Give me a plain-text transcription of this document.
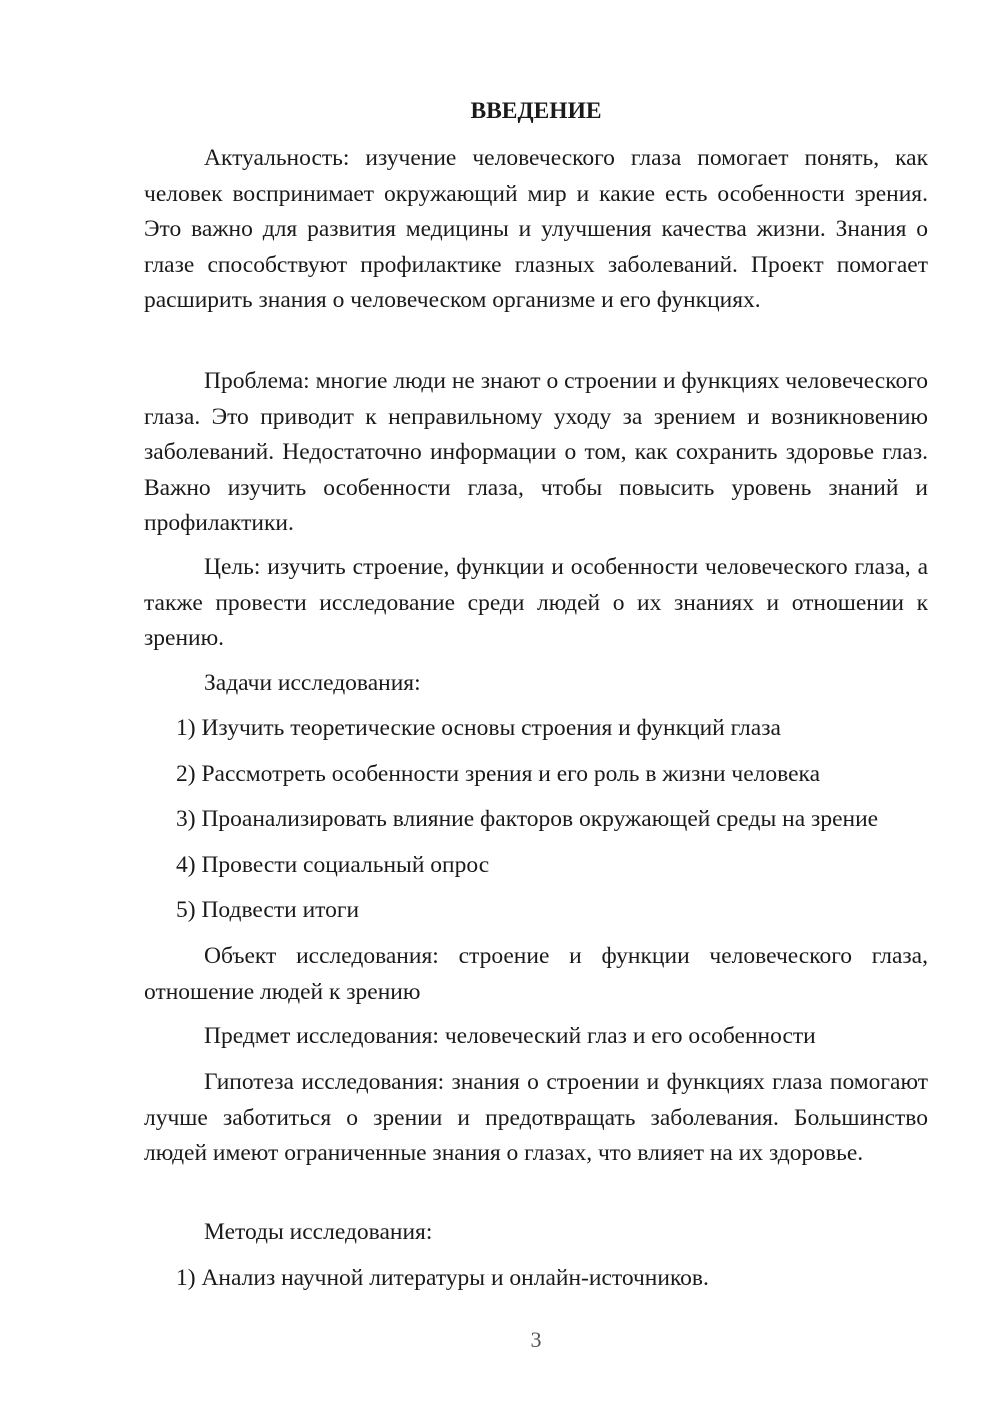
ВВЕДЕНИЕ

Актуальность: изучение человеческого глаза помогает понять, как человек воспринимает окружающий мир и какие есть особенности зрения. Это важно для развития медицины и улучшения качества жизни. Знания о глазе способствуют профилактике глазных заболеваний. Проект помогает расширить знания о человеческом организме и его функциях.

Проблема: многие люди не знают о строении и функциях человеческого глаза. Это приводит к неправильному уходу за зрением и возникновению заболеваний. Недостаточно информации о том, как сохранить здоровье глаз. Важно изучить особенности глаза, чтобы повысить уровень знаний и профилактики.

Цель: изучить строение, функции и особенности человеческого глаза, а также провести исследование среди людей о их знаниях и отношении к зрению.

Задачи исследования:

1) Изучить теоретические основы строения и функций глаза

2) Рассмотреть особенности зрения и его роль в жизни человека

3) Проанализировать влияние факторов окружающей среды на зрение

4) Провести социальный опрос

5) Подвести итоги

Объект исследования: строение и функции человеческого глаза, отношение людей к зрению

Предмет исследования: человеческий глаз и его особенности

Гипотеза исследования: знания о строении и функциях глаза помогают лучше заботиться о зрении и предотвращать заболевания. Большинство людей имеют ограниченные знания о глазах, что влияет на их здоровье.

Методы исследования:

1) Анализ научной литературы и онлайн-источников.

3
